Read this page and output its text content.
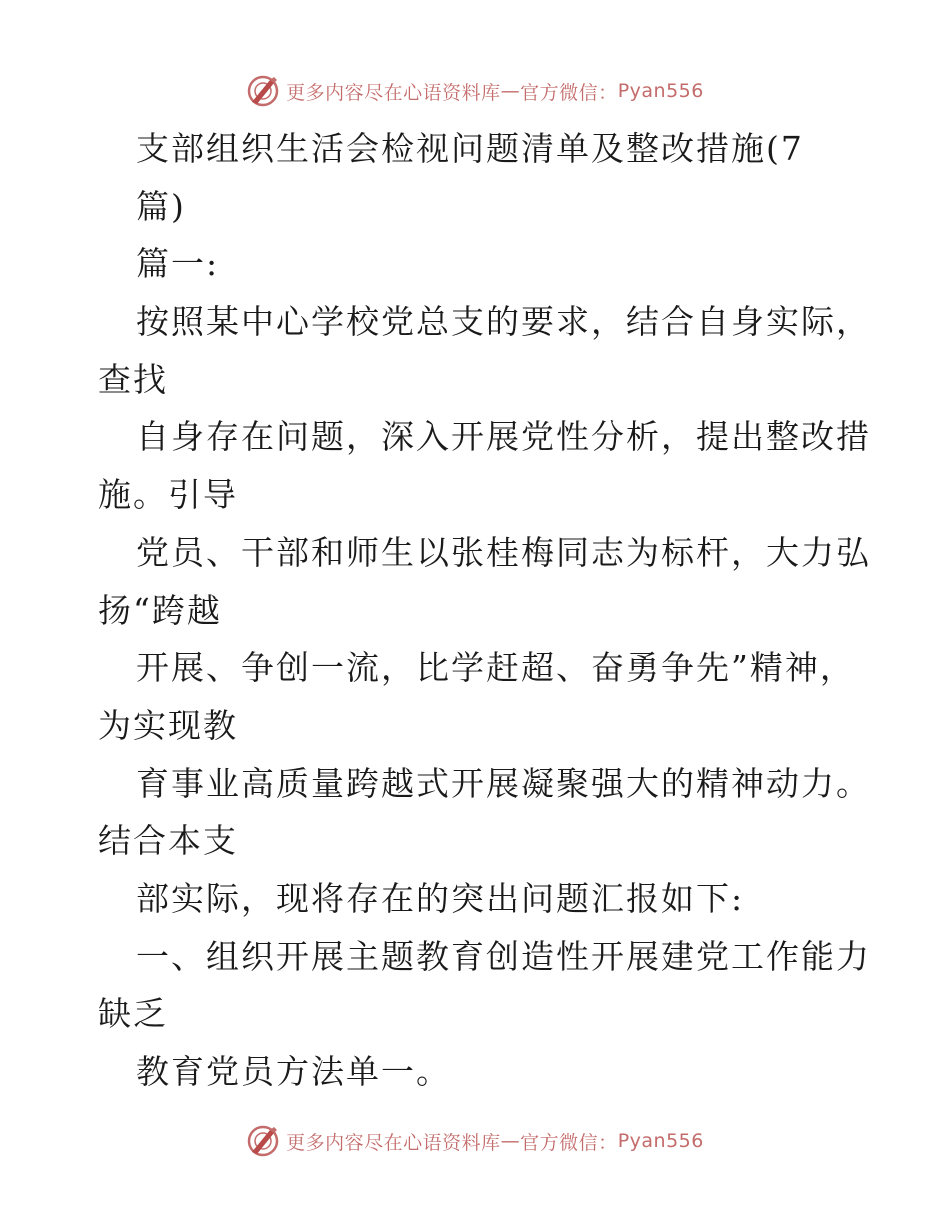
更多内容尽在心语资料库 — 官方微信： Pyan556
支部组织生活会检视问题清单及整改措施(7
篇)
篇一:
按照某中心学校党总支的要求，结合自身实际，
查找
自身存在问题，深入开展党性分析，提出整改措
施。引导
党员、干部和师生以张桂梅同志为标杆，大力弘
扬“跨越
开展、争创一流，比学赶超、奋勇争先”精神，
为实现教
育事业高质量跨越式开展凝聚强大的精神动力。
结合本支
部实际，现将存在的突出问题汇报如下:
一、组织开展主题教育创造性开展建党工作能力
缺乏
教育党员方法单一。
更多内容尽在心语资料库 — 官方微信： Pyan556
